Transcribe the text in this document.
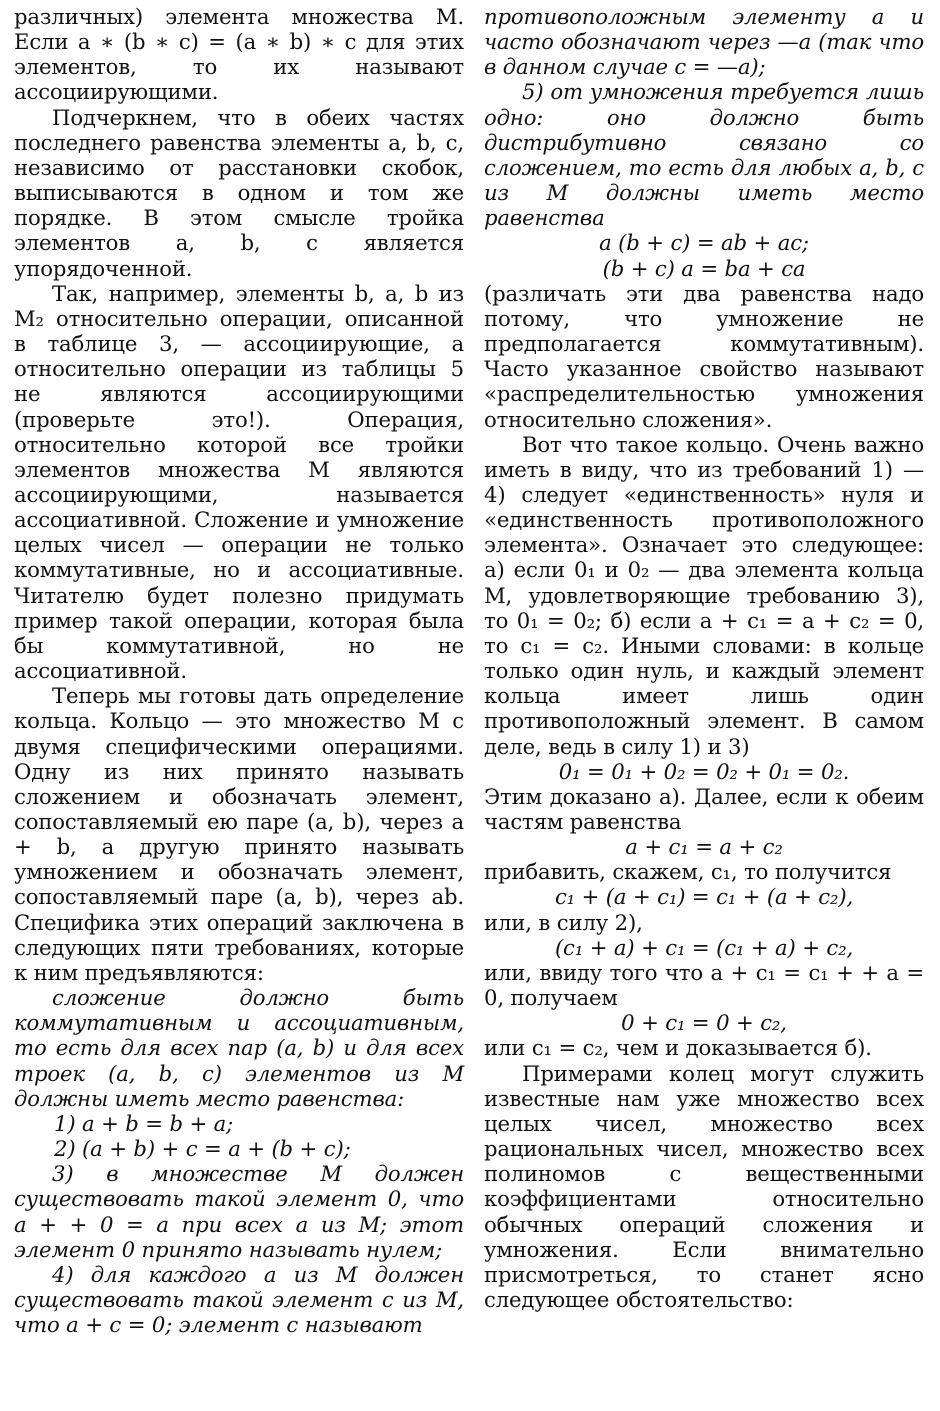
различных) элемента множества M. Если a ∗ (b ∗ c) = (a ∗ b) ∗ c для этих элементов, то их называют ассоциирующими.

Подчеркнем, что в обеих частях последнего равенства элементы a, b, c, независимо от расстановки скобок, выписываются в одном и том же порядке. В этом смысле тройка элементов a, b, c является упорядоченной.

Так, например, элементы b, a, b из M₂ относительно операции, описанной в таблице 3, — ассоциирующие, а относительно операции из таблицы 5 не являются ассоциирующими (проверьте это!). Операция, относительно которой все тройки элементов множества M являются ассоциирующими, называется ассоциативной. Сложение и умножение целых чисел — операции не только коммутативные, но и ассоциативные. Читателю будет полезно придумать пример такой операции, которая была бы коммутативной, но не ассоциативной.

Теперь мы готовы дать определение кольца. Кольцо — это множество M с двумя специфическими операциями. Одну из них принято называть сложением и обозначать элемент, сопоставляемый ею паре (a, b), через a + b, а другую принято называть умножением и обозначать элемент, сопоставляемый паре (a, b), через ab. Специфика этих операций заключена в следующих пяти требованиях, которые к ним предъявляются:

сложение должно быть коммутативным и ассоциативным, то есть для всех пар (a, b) и для всех троек (a, b, c) элементов из M должны иметь место равенства:

1) a + b = b + a;

2) (a + b) + c = a + (b + c);

3) в множестве M должен существовать такой элемент 0, что a + + 0 = a при всех a из M; этот элемент 0 принято называть нулем;

4) для каждого a из M должен существовать такой элемент c из M, что a + c = 0; элемент c называют

противоположным элементу a и часто обозначают через —a (так что в данном случае c = —a);

5) от умножения требуется лишь одно: оно должно быть дистрибутивно связано со сложением, то есть для любых a, b, c из M должны иметь место равенства

a (b + c) = ab + ac;

(b + c) a = ba + ca

(различать эти два равенства надо потому, что умножение не предполагается коммутативным). Часто указанное свойство называют «распределительностью умножения относительно сложения».

Вот что такое кольцо. Очень важно иметь в виду, что из требований 1) — 4) следует «единственность» нуля и «единственность противоположного элемента». Означает это следующее: а) если 0₁ и 0₂ — два элемента кольца M, удовлетворяющие требованию 3), то 0₁ = 0₂; б) если a + c₁ = a + c₂ = 0, то c₁ = c₂. Иными словами: в кольце только один нуль, и каждый элемент кольца имеет лишь один противоположный элемент. В самом деле, ведь в силу 1) и 3)

0₁ = 0₁ + 0₂ = 0₂ + 0₁ = 0₂.

Этим доказано а). Далее, если к обеим частям равенства

a + c₁ = a + c₂

прибавить, скажем, c₁, то получится

c₁ + (a + c₁) = c₁ + (a + c₂),

или, в силу 2),

(c₁ + a) + c₁ = (c₁ + a) + c₂,

или, ввиду того что a + c₁ = c₁ + + a = 0, получаем

0 + c₁ = 0 + c₂,

или c₁ = c₂, чем и доказывается б).

Примерами колец могут служить известные нам уже множество всех целых чисел, множество всех рациональных чисел, множество всех полиномов с вещественными коэффициентами относительно обычных операций сложения и умножения. Если внимательно присмотреться, то станет ясно следующее обстоятельство:
